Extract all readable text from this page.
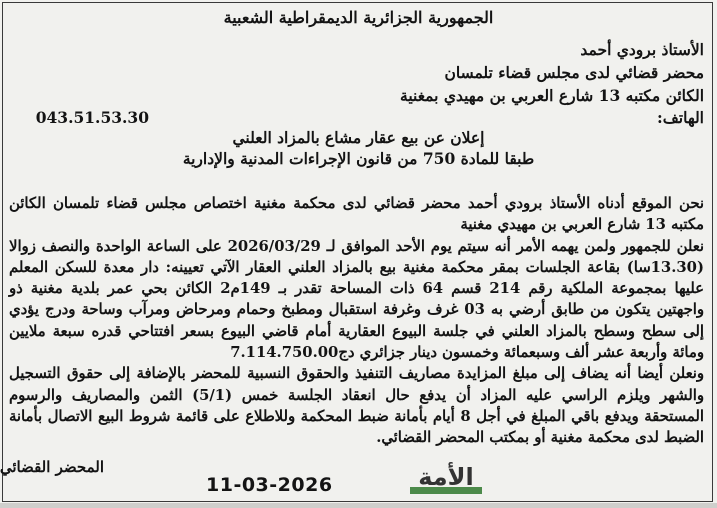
الجمهورية الجزائرية الديمقراطية الشعبية
الأستاذ برودي أحمد
محضر قضائي لدى مجلس قضاء تلمسان
الكائن مكتبه 13 شارع العربي بن مهيدي بمغنية
الهاتف:
043.51.53.30
إعلان عن بيع عقار مشاع بالمزاد العلني
طبقا للمادة 750 من قانون الإجراءات المدنية والإدارية

نحن الموقع أدناه الأستاذ برودي أحمد محضر قضائي لدى محكمة مغنية اختصاص مجلس قضاء تلمسان الكائن مكتبه 13 شارع العربي بن مهيدي مغنية

نعلن للجمهور ولمن يهمه الأمر أنه سيتم يوم الأحد الموافق لـ 2026/03/29 على الساعة الواحدة والنصف زوالا (13.30سا) بقاعة الجلسات بمقر محكمة مغنية بيع بالمزاد العلني العقار الآتي تعيينه: دار معدة للسكن المعلم عليها بمجموعة الملكية رقم 214 قسم 64 ذات المساحة تقدر بـ 149م2 الكائن بحي عمر بلدية مغنية ذو واجهتين يتكون من طابق أرضي به 03 غرف وغرفة استقبال ومطبخ وحمام ومرحاض ومرآب وساحة ودرج يؤدي إلى سطح وسطح بالمزاد العلني في جلسة البيوع العقارية أمام قاضي البيوع بسعر افتتاحي قدره سبعة ملايين ومائة وأربعة عشر ألف وسبعمائة وخمسون دينار جزائري 7.114.750.00دج

ونعلن أيضا أنه يضاف إلى مبلغ المزايدة مصاريف التنفيذ والحقوق النسبية للمحضر بالإضافة إلى حقوق التسجيل والشهر ويلزم الراسي عليه المزاد أن يدفع حال انعقاد الجلسة خمس (5/1) الثمن والمصاريف والرسوم المستحقة ويدفع باقي المبلغ في أجل 8 أيام بأمانة ضبط المحكمة وللاطلاع على قائمة شروط البيع الاتصال بأمانة الضبط لدى محكمة مغنية أو بمكتب المحضر القضائي.

المحضر القضائي	الأمة
11-03-2026
